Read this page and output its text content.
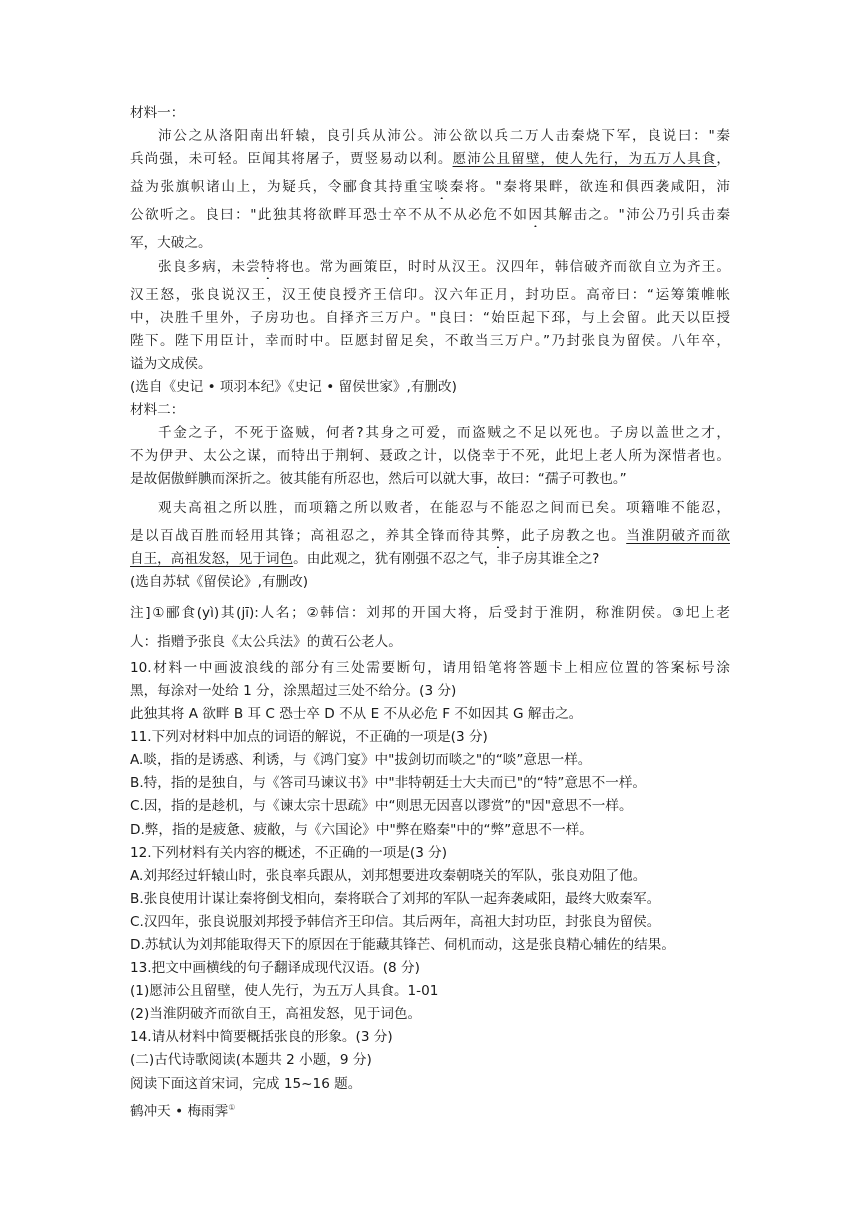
材料一：
沛公之从洛阳南出轩辕，良引兵从沛公。沛公欲以兵二万人击秦烧下军，良说曰："秦
兵尚强，未可轻。臣闻其将屠子，贾竖易动以利。愿沛公且留壁，使人先行，为五万人具食，
益为张旗帜诸山上，为疑兵，令郦食其持重宝啖秦将。"秦将果畔，欲连和俱西袭咸阳，沛
公欲听之。良曰："此独其将欲畔耳恐士卒不从不从必危不如因其解击之。"沛公乃引兵击秦
军，大破之。
张良多病，未尝特将也。常为画策臣，时时从汉王。汉四年，韩信破齐而欲自立为齐王。
汉王怒，张良说汉王，汉王使良授齐王信印。汉六年正月，封功臣。高帝曰：“运筹策帷帐
中，决胜千里外，子房功也。自择齐三万户。"良曰：“始臣起下邳，与上会留。此天以臣授
陛下。陛下用臣计，幸而时中。臣愿封留足矣，不敢当三万户。”乃封张良为留侯。八年卒，
谥为文成侯。
(选自《史记 • 项羽本纪》《史记 • 留侯世家》,有删改)
材料二：
千金之子，不死于盗贼，何者?其身之可爱，而盗贼之不足以死也。子房以盖世之才，
不为伊尹、太公之谋，而特出于荆轲、聂政之计，以侥幸于不死，此圯上老人所为深惜者也。
是故倨傲鲜腆而深折之。彼其能有所忍也，然后可以就大事，故曰：“孺子可教也。”
观夫高祖之所以胜，而项籍之所以败者，在能忍与不能忍之间而已矣。项籍唯不能忍，
是以百战百胜而轻用其锋；高祖忍之，养其全锋而待其弊，此子房教之也。当淮阴破齐而欲
自王，高祖发怒，见于词色。由此观之，犹有刚强不忍之气，非子房其谁全之?
(选自苏轼《留侯论》,有删改)
注]①郦食(yì)其(jī):人名；②韩信：刘邦的开国大将，后受封于淮阴，称淮阴侯。③圯上老
人：指赠予张良《太公兵法》的黄石公老人。
10.材料一中画波浪线的部分有三处需要断句，请用铅笔将答题卡上相应位置的答案标号涂
黑，每涂对一处给 1 分，涂黑超过三处不给分。(3 分)
此独其将 A 欲畔 B 耳 C 恐士卒 D 不从 E 不从必危 F 不如因其 G 解击之。
11.下列对材料中加点的词语的解说，不正确的一项是(3 分)
A.啖，指的是诱惑、利诱，与《鸿门宴》中"拔剑切而啖之"的“啖”意思一样。
B.特，指的是独自，与《答司马谏议书》中"非特朝廷士大夫而已"的“特”意思不一样。
C.因，指的是趁机，与《谏太宗十思疏》中“则思无因喜以谬赏”的"因"意思不一样。
D.弊，指的是疲惫、疲敝，与《六国论》中"弊在赂秦"中的“弊”意思不一样。
12.下列材料有关内容的概述，不正确的一项是(3 分)
A.刘邦经过轩辕山时，张良率兵跟从，刘邦想要进攻秦朝哓关的军队，张良劝阻了他。
B.张良使用计谋让秦将倒戈相向，秦将联合了刘邦的军队一起奔袭咸阳，最终大败秦军。
C.汉四年，张良说服刘邦授予韩信齐王印信。其后两年，高祖大封功臣，封张良为留侯。
D.苏轼认为刘邦能取得天下的原因在于能藏其锋芒、伺机而动，这是张良精心辅佐的结果。
13.把文中画横线的句子翻译成现代汉语。(8 分)
(1)愿沛公且留壁，使人先行，为五万人具食。1-01
(2)当淮阴破齐而欲自王，高祖发怒，见于词色。
14.请从材料中简要概括张良的形象。(3 分)
(二)古代诗歌阅读(本题共 2 小题，9 分)
阅读下面这首宋词，完成 15~16 题。
鹤冲天 • 梅雨霁①
